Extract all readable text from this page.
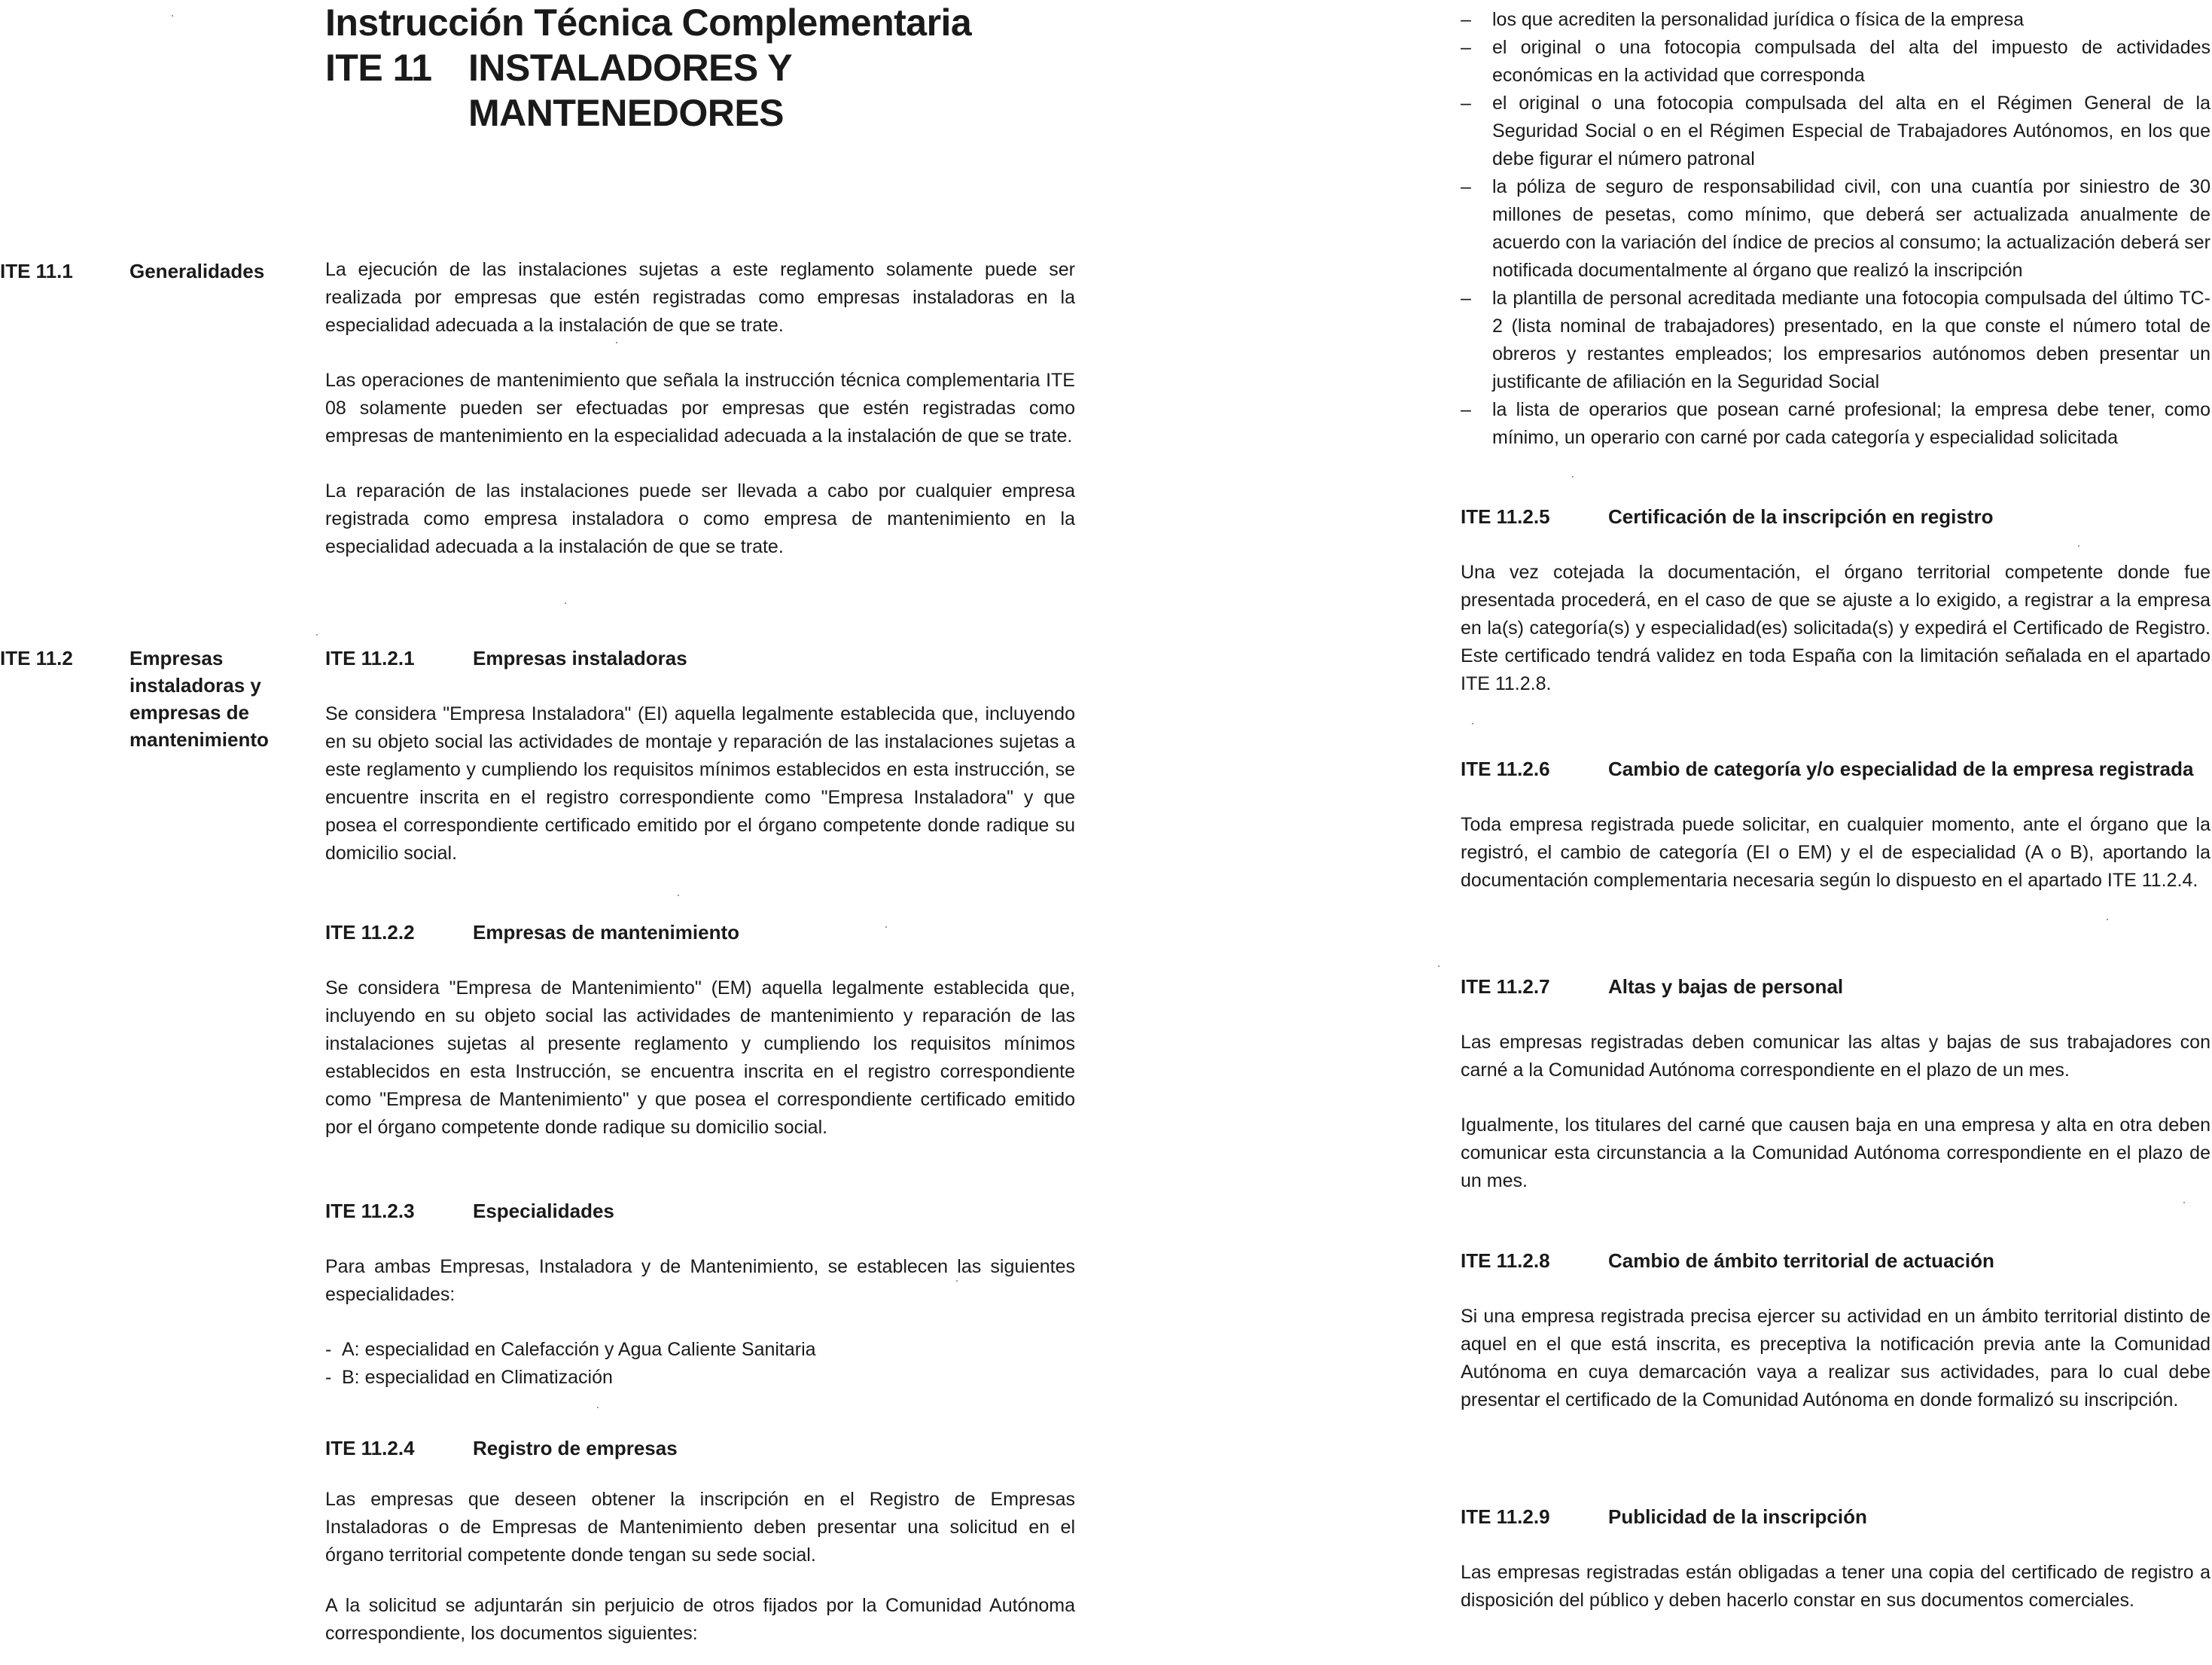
Instrucción Técnica Complementaria
ITE 11 INSTALADORES Y
MANTENEDORES
ITE 11.1	Generalidades	La ejecución de las instalaciones sujetas a este reglamento solamente puede ser realizada por empresas que estén registradas como empresas instaladoras en la especialidad adecuada a la instalación de que se trate.

Las operaciones de mantenimiento que señala la instrucción técnica complementaria ITE 08 solamente pueden ser efectuadas por empresas que estén registradas como empresas de mantenimiento en la especialidad adecuada a la instalación de que se trate.

La reparación de las instalaciones puede ser llevada a cabo por cualquier empresa registrada como empresa instaladora o como empresa de mantenimiento en la especialidad adecuada a la instalación de que se trate.

ITE 11.2	Empresas instaladoras y empresas de mantenimiento
ITE 11.2.1	Empresas instaladoras

Se considera "Empresa Instaladora" (EI) aquella legalmente establecida que, incluyendo en su objeto social las actividades de montaje y reparación de las instalaciones sujetas a este reglamento y cumpliendo los requisitos mínimos establecidos en esta instrucción, se encuentre inscrita en el registro correspondiente como "Empresa Instaladora" y que posea el correspondiente certificado emitido por el órgano competente donde radique su domicilio social.

ITE 11.2.2	Empresas de mantenimiento

Se considera "Empresa de Mantenimiento" (EM) aquella legalmente establecida que, incluyendo en su objeto social las actividades de mantenimiento y reparación de las instalaciones sujetas al presente reglamento y cumpliendo los requisitos mínimos establecidos en esta Instrucción, se encuentra inscrita en el registro correspondiente como "Empresa de Mantenimiento" y que posea el correspondiente certificado emitido por el órgano competente donde radique su domicilio social.

ITE 11.2.3	Especialidades

Para ambas Empresas, Instaladora y de Mantenimiento, se establecen las siguientes especialidades:

- A: especialidad en Calefacción y Agua Caliente Sanitaria
- B: especialidad en Climatización
ITE 11.2.4	Registro de empresas

Las empresas que deseen obtener la inscripción en el Registro de Empresas Instaladoras o de Empresas de Mantenimiento deben presentar una solicitud en el órgano territorial competente donde tengan su sede social.

A la solicitud se adjuntarán sin perjuicio de otros fijados por la Comunidad Autónoma correspondiente, los documentos siguientes:

– los que acrediten la personalidad jurídica o física de la empresa
– el original o una fotocopia compulsada del alta del impuesto de actividades económicas en la actividad que corresponda
– el original o una fotocopia compulsada del alta en el Régimen General de la Seguridad Social o en el Régimen Especial de Trabajadores Autónomos, en los que debe figurar el número patronal
– la póliza de seguro de responsabilidad civil, con una cuantía por siniestro de 30 millones de pesetas, como mínimo, que deberá ser actualizada anualmente de acuerdo con la variación del índice de precios al consumo; la actualización deberá ser notificada documentalmente al órgano que realizó la inscripción
– la plantilla de personal acreditada mediante una fotocopia compulsada del último TC-2 (lista nominal de trabajadores) presentado, en la que conste el número total de obreros y restantes empleados; los empresarios autónomos deben presentar un justificante de afiliación en la Seguridad Social
– la lista de operarios que posean carné profesional; la empresa debe tener, como mínimo, un operario con carné por cada categoría y especialidad solicitada
ITE 11.2.5	Certificación de la inscripción en registro

Una vez cotejada la documentación, el órgano territorial competente donde fue presentada procederá, en el caso de que se ajuste a lo exigido, a registrar a la empresa en la(s) categoría(s) y especialidad(es) solicitada(s) y expedirá el Certificado de Registro. Este certificado tendrá validez en toda España con la limitación señalada en el apartado ITE 11.2.8.

ITE 11.2.6	Cambio de categoría y/o especialidad de la empresa registrada

Toda empresa registrada puede solicitar, en cualquier momento, ante el órgano que la registró, el cambio de categoría (EI o EM) y el de especialidad (A o B), aportando la documentación complementaria necesaria según lo dispuesto en el apartado ITE 11.2.4.

ITE 11.2.7	Altas y bajas de personal

Las empresas registradas deben comunicar las altas y bajas de sus trabajadores con carné a la Comunidad Autónoma correspondiente en el plazo de un mes.

Igualmente, los titulares del carné que causen baja en una empresa y alta en otra deben comunicar esta circunstancia a la Comunidad Autónoma correspondiente en el plazo de un mes.

ITE 11.2.8	Cambio de ámbito territorial de actuación

Si una empresa registrada precisa ejercer su actividad en un ámbito territorial distinto de aquel en el que está inscrita, es preceptiva la notificación previa ante la Comunidad Autónoma en cuya demarcación vaya a realizar sus actividades, para lo cual debe presentar el certificado de la Comunidad Autónoma en donde formalizó su inscripción.

ITE 11.2.9	Publicidad de la inscripción

Las empresas registradas están obligadas a tener una copia del certificado de registro a disposición del público y deben hacerlo constar en sus documentos comerciales.
